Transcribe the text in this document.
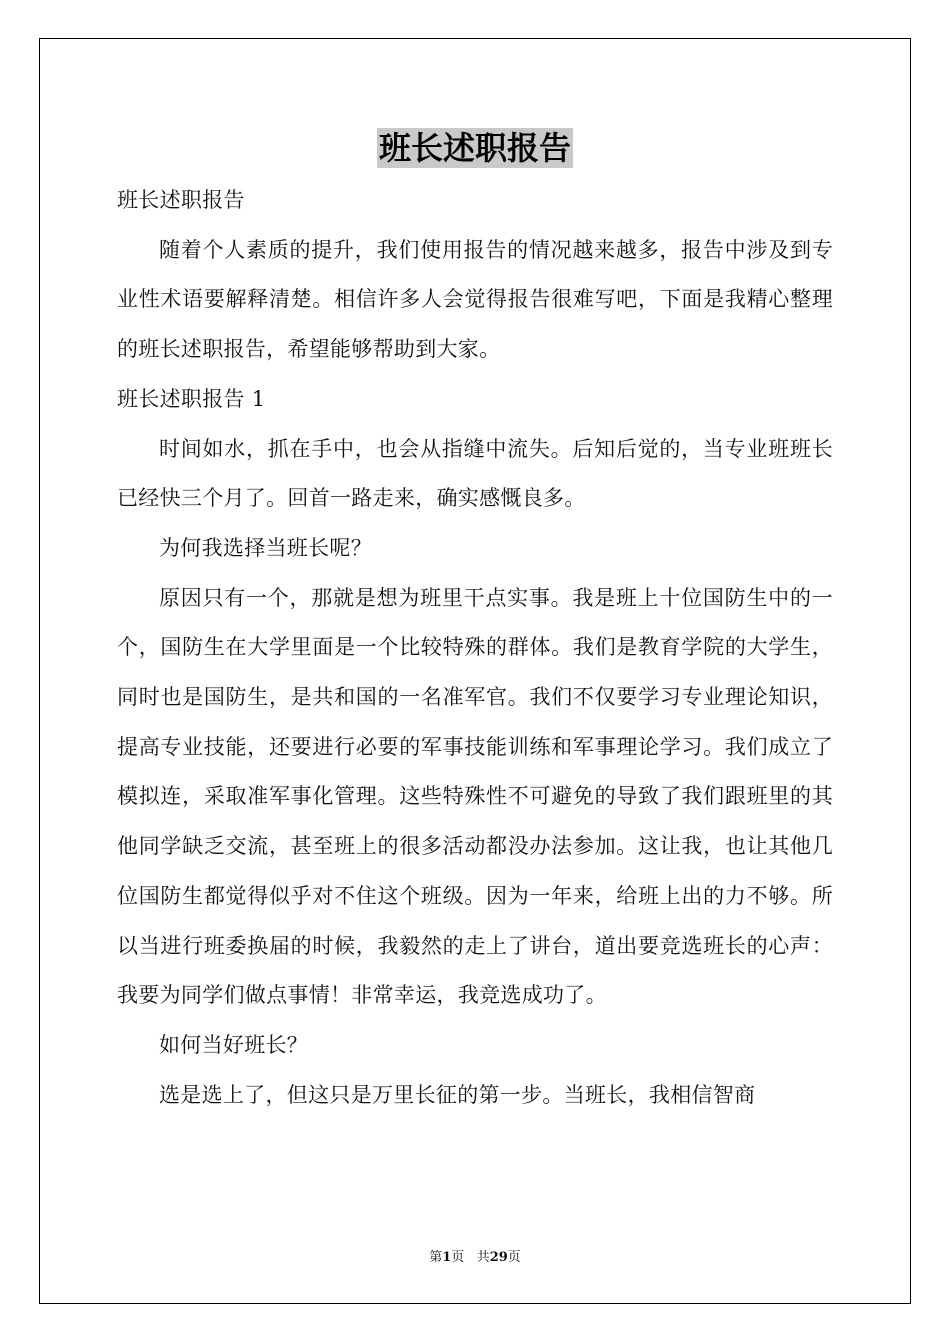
班长述职报告

班长述职报告

随着个人素质的提升，我们使用报告的情况越来越多，报告中涉及到专业性术语要解释清楚。相信许多人会觉得报告很难写吧，下面是我精心整理的班长述职报告，希望能够帮助到大家。

班长述职报告 1

时间如水，抓在手中，也会从指缝中流失。后知后觉的，当专业班班长已经快三个月了。回首一路走来，确实感慨良多。

为何我选择当班长呢？

原因只有一个，那就是想为班里干点实事。我是班上十位国防生中的一个，国防生在大学里面是一个比较特殊的群体。我们是教育学院的大学生，同时也是国防生，是共和国的一名准军官。我们不仅要学习专业理论知识，提高专业技能，还要进行必要的军事技能训练和军事理论学习。我们成立了模拟连，采取准军事化管理。这些特殊性不可避免的导致了我们跟班里的其他同学缺乏交流，甚至班上的很多活动都没办法参加。这让我，也让其他几位国防生都觉得似乎对不住这个班级。因为一年来，给班上出的力不够。所以当进行班委换届的时候，我毅然的走上了讲台，道出要竞选班长的心声：我要为同学们做点事情！非常幸运，我竞选成功了。

如何当好班长？

选是选上了，但这只是万里长征的第一步。当班长，我相信智商

第1页 共29页
